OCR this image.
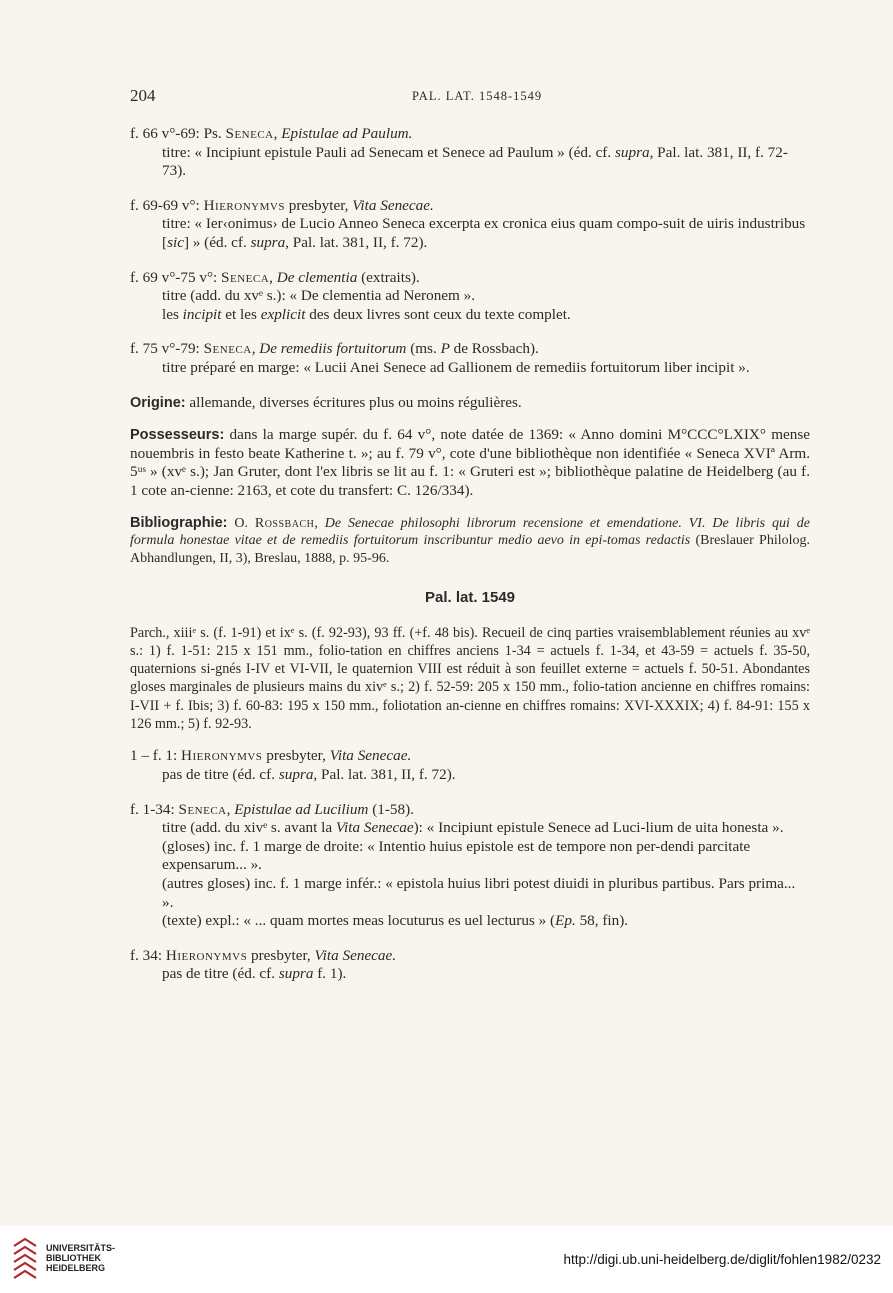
204	PAL. LAT. 1548-1549
f. 66 v°-69: Ps. Seneca, Epistulae ad Paulum.
titre: « Incipiunt epistule Pauli ad Senecam et Senece ad Paulum » (éd. cf. supra, Pal. lat. 381, II, f. 72-73).
f. 69-69 v°: Hieronymvs presbyter, Vita Senecae.
titre: « Ier‹onimus› de Lucio Anneo Seneca excerpta ex cronica eius quam compo-suit de uiris industribus [sic] » (éd. cf. supra, Pal. lat. 381, II, f. 72).
f. 69 v°-75 v°: Seneca, De clementia (extraits).
titre (add. du xvᵉ s.): « De clementia ad Neronem ».
les incipit et les explicit des deux livres sont ceux du texte complet.
f. 75 v°-79: Seneca, De remediis fortuitorum (ms. P de Rossbach).
titre préparé en marge: « Lucii Anei Senece ad Gallionem de remediis fortuitorum liber incipit ».

Origine: allemande, diverses écritures plus ou moins régulières.

Possesseurs: dans la marge supér. du f. 64 v°, note datée de 1369: « Anno domini M°CCC°LXIX° mense nouembris in festo beate Katherine t. »; au f. 79 v°, cote d'une bibliothèque non identifiée « Seneca XVIª Arm. 5ᵘˢ » (xvᵉ s.); Jan Gruter, dont l'ex libris se lit au f. 1: « Gruteri est »; bibliothèque palatine de Heidelberg (au f. 1 cote an-cienne: 2163, et cote du transfert: C. 126/334).

Bibliographie: O. Rossbach, De Senecae philosophi librorum recensione et emendatione. VI. De libris qui de formula honestae vitae et de remediis fortuitorum inscribuntur medio aevo in epi-tomas redactis (Breslauer Philolog. Abhandlungen, II, 3), Breslau, 1888, p. 95-96.

Pal. lat. 1549

Parch., xiiiᵉ s. (f. 1-91) et ixᵉ s. (f. 92-93), 93 ff. (+f. 48 bis). Recueil de cinq parties vraisemblablement réunies au xvᵉ s.: 1) f. 1-51: 215 x 151 mm., folio-tation en chiffres anciens 1-34 = actuels f. 1-34, et 43-59 = actuels f. 35-50, quaternions si-gnés I-IV et VI-VII, le quaternion VIII est réduit à son feuillet externe = actuels f. 50-51. Abondantes gloses marginales de plusieurs mains du xivᵉ s.; 2) f. 52-59: 205 x 150 mm., folio-tation ancienne en chiffres romains: I-VII + f. Ibis; 3) f. 60-83: 195 x 150 mm., foliotation an-cienne en chiffres romains: XVI-XXXIX; 4) f. 84-91: 155 x 126 mm.; 5) f. 92-93.

1 – f. 1: Hieronymvs presbyter, Vita Senecae.
pas de titre (éd. cf. supra, Pal. lat. 381, II, f. 72).
f. 1-34: Seneca, Epistulae ad Lucilium (1-58).
titre (add. du xivᵉ s. avant la Vita Senecae): « Incipiunt epistule Senece ad Luci-lium de uita honesta ».
(gloses) inc. f. 1 marge de droite: « Intentio huius epistole est de tempore non per-dendi parcitate expensarum... ».
(autres gloses) inc. f. 1 marge infér.: « epistola huius libri potest diuidi in pluribus partibus. Pars prima... ».
(texte) expl.: « ... quam mortes meas locuturus es uel lecturus » (Ep. 58, fin).
f. 34: Hieronymvs presbyter, Vita Senecae.
pas de titre (éd. cf. supra f. 1).
UNIVERSITÄTS-
BIBLIOTHEK
HEIDELBERG
http://digi.ub.uni-heidelberg.de/diglit/fohlen1982/0232
